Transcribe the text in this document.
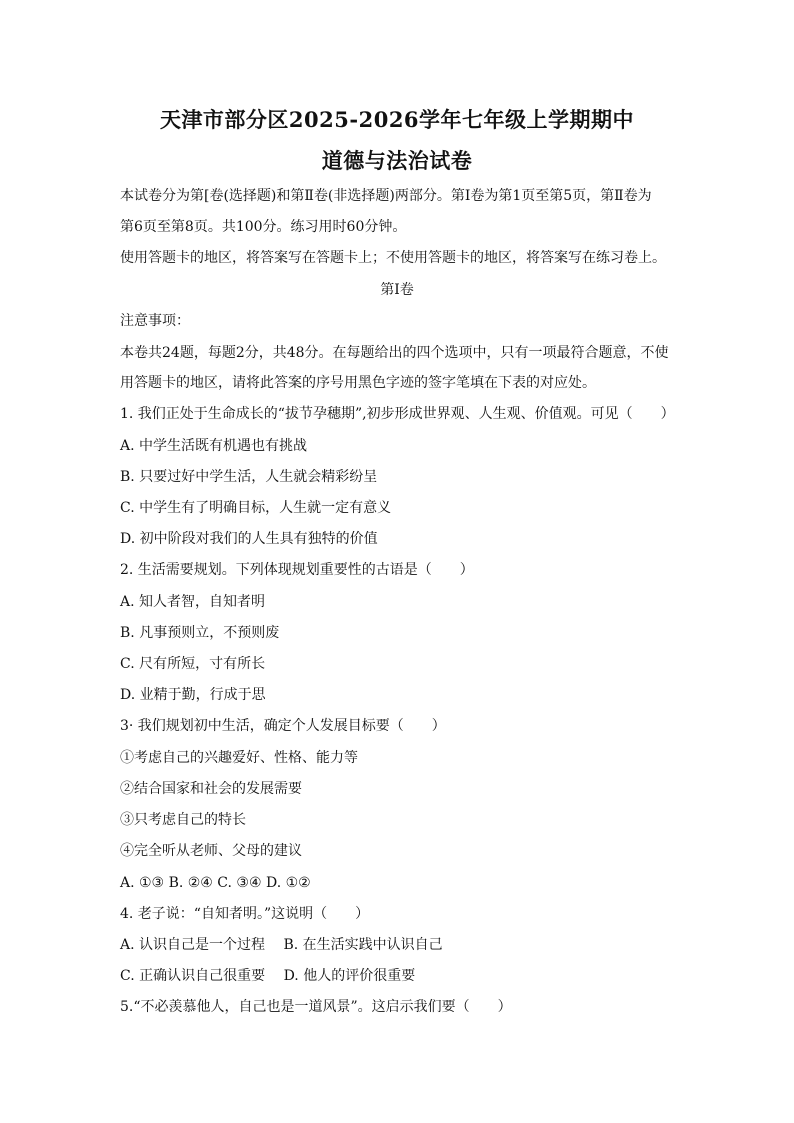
天津市部分区2025-2026学年七年级上学期期中
道德与法治试卷
本试卷分为第[卷(选择题)和第Ⅱ卷(非选择题)两部分。第Ⅰ卷为第1页至第5页，第Ⅱ卷为
第6页至第8页。共100分。练习用时60分钟。
使用答题卡的地区，将答案写在答题卡上；不使用答题卡的地区，将答案写在练习卷上。
第Ⅰ卷
注意事项：
本卷共24题，每题2分，共48分。在每题给出的四个选项中，只有一项最符合题意，不使
用答题卡的地区，请将此答案的序号用黑色字迹的签字笔填在下表的对应处。
1. 我们正处于生命成长的“拔节孕穗期”,初步形成世界观、人生观、价值观。可见（　　）
A. 中学生活既有机遇也有挑战
B. 只要过好中学生活，人生就会精彩纷呈
C. 中学生有了明确目标，人生就一定有意义
D. 初中阶段对我们的人生具有独特的价值
2. 生活需要规划。下列体现规划重要性的古语是（　　）
A. 知人者智，自知者明
B. 凡事预则立，不预则废
C. 尺有所短，寸有所长
D. 业精于勤，行成于思
3· 我们规划初中生活，确定个人发展目标要（　　）
①考虑自己的兴趣爱好、性格、能力等
②结合国家和社会的发展需要
③只考虑自己的特长
④完全听从老师、父母的建议
A. ①③ B. ②④ C. ③④ D. ①②
4. 老子说：“自知者明。”这说明（　　）
A. 认识自己是一个过程　 B. 在生活实践中认识自己
C. 正确认识自己很重要　 D. 他人的评价很重要
5.“不必羡慕他人，自己也是一道风景”。这启示我们要（　　）
